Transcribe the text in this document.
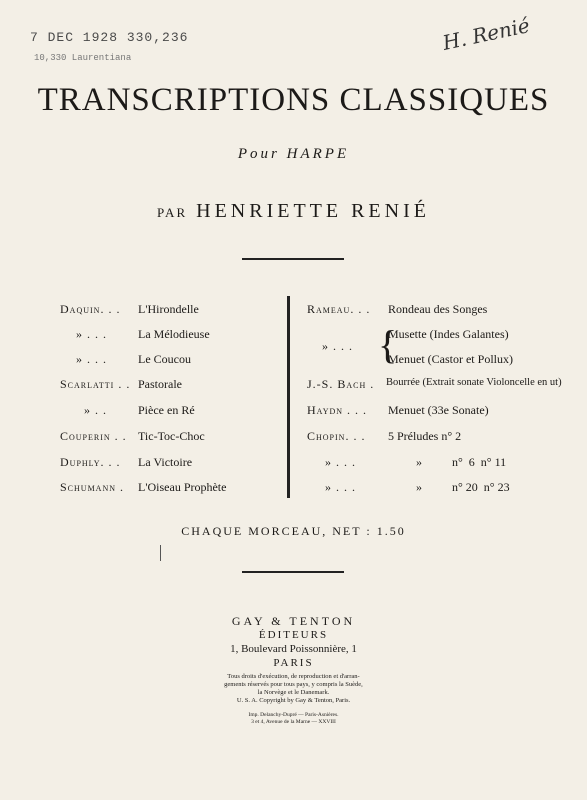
7 DEC 1928 330,236
10,330 Laurentiana
H. Renié
TRANSCRIPTIONS CLASSIQUES
Pour HARPE
PAR HENRIETTE RENIÉ
Daquin. . . L'Hirondelle
» . . .	La Mélodieuse
» . . .	Le Coucou
Scarlatti . . Pastorale
» . .	Pièce en Ré
Couperin . . Tic-Toc-Choc
Duphly. . . La Victoire
Schumann . L'Oiseau Prophète
Rameau. . . Rondeau des Songes
» . . . {
Musette (Indes Galantes)
Menuet (Castor et Pollux)
J.-S. Bach . Bourrée (Extrait sonate Violoncelle en ut)
Haydn . . . Menuet (33e Sonate)
Chopin. . . 5 Préludes n° 2
» . . .	»          n°  6  n° 11
» . . .	»          n° 20  n° 23
CHAQUE MORCEAU, NET : 1.50
GAY & TENTON
ÉDITEURS
1, Boulevard Poissonnière, 1
PARIS
Tous droits d'exécution, de reproduction et d'arran-
gements réservés pour tous pays, y compris la Suède,
la Norvège et le Danemark.
U. S. A. Copyright by Gay & Tenton, Paris.
Imp. Delanchy-Dupré — Paris-Asnières.
3 et 4, Avenue de la Marne — XXVIII
